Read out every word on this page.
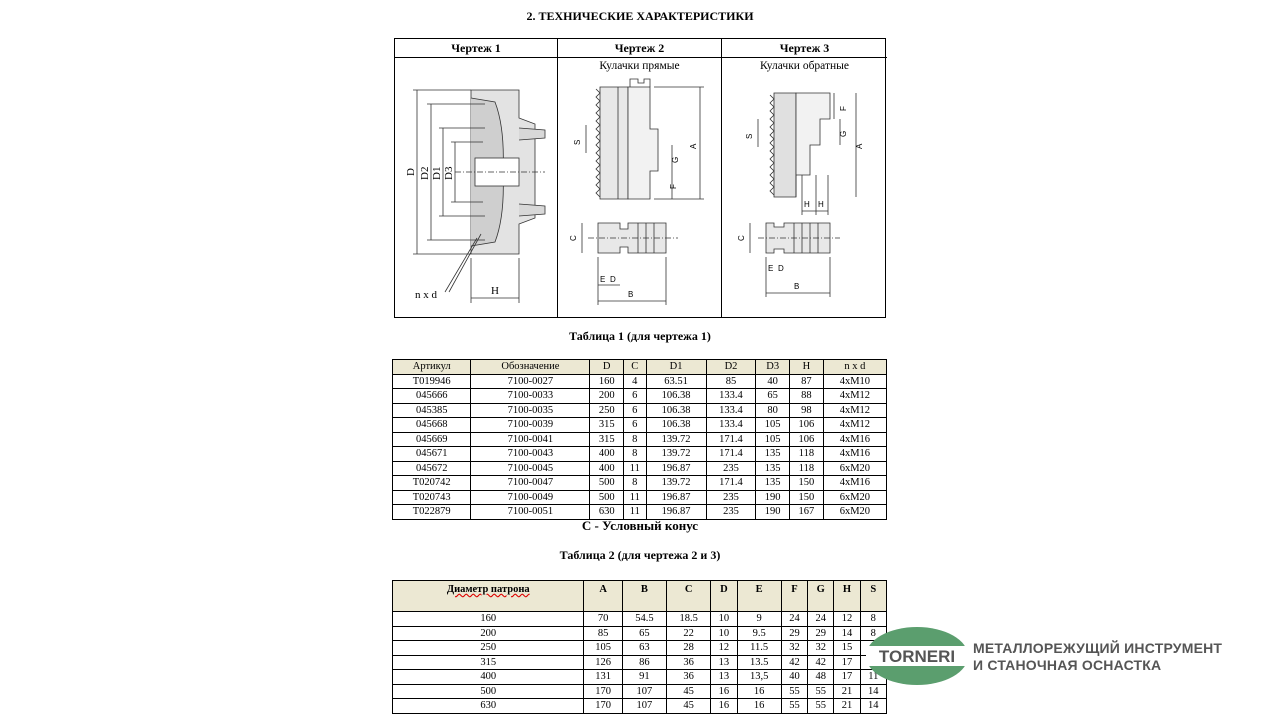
2. ТЕХНИЧЕСКИЕ ХАРАКТЕРИСТИКИ
Чертеж 1
D D2 D1 D3
n x d	H
Чертеж 2
Кулачки прямые
S
G
A
F
C
E D
B
Чертеж 3
Кулачки обратные
S
F
G
A
H H
C
E D
B
Таблица 1 (для чертежа 1)
Артикул	Обозначение	D	C	D1	D2	D3	H	n x d
T019946	7100-0027	160	4	63.51	85	40	87	4xM10
045666	7100-0033	200	6	106.38	133.4	65	88	4xM12
045385	7100-0035	250	6	106.38	133.4	80	98	4xM12
045668	7100-0039	315	6	106.38	133.4	105	106	4xM12
045669	7100-0041	315	8	139.72	171.4	105	106	4xM16
045671	7100-0043	400	8	139.72	171.4	135	118	4xM16
045672	7100-0045	400	11	196.87	235	135	118	6xM20
T020742	7100-0047	500	8	139.72	171.4	135	150	4xM16
T020743	7100-0049	500	11	196.87	235	190	150	6xM20
T022879	7100-0051	630	11	196.87	235	190	167	6xM20
С - Условный конус
Таблица 2 (для чертежа 2 и 3)
Диаметр патрона	A	B	C	D	E	F	G	H	S
160	70	54.5	18.5	10	9	24	24	12	8
200	85	65	22	10	9.5	29	29	14	8
250	105	63	28	12	11.5	32	32	15	
315	126	86	36	13	13.5	42	42	17	
400	131	91	36	13	13,5	40	48	17	11
500	170	107	45	16	16	55	55	21	14
630	170	107	45	16	16	55	55	21	14
TORNERI МЕТАЛЛОРЕЖУЩИЙ ИНСТРУМЕНТ
И СТАНОЧНАЯ ОСНАСТКА
